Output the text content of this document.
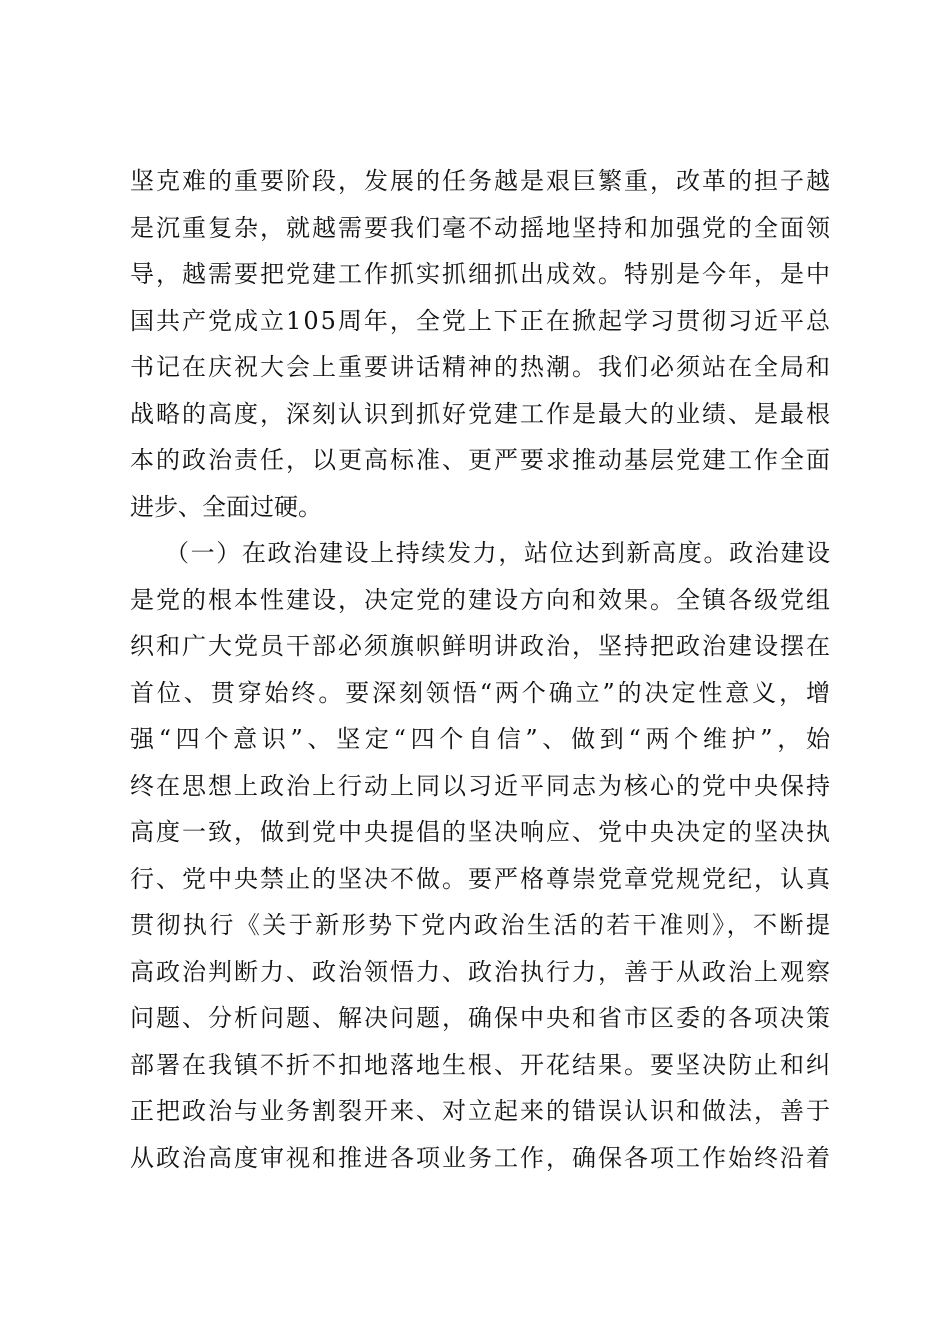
坚克难的重要阶段，发展的任务越是艰巨繁重，改革的担子越
是沉重复杂，就越需要我们毫不动摇地坚持和加强党的全面领
导，越需要把党建工作抓实抓细抓出成效。特别是今年，是中
国共产党成立105周年，全党上下正在掀起学习贯彻习近平总
书记在庆祝大会上重要讲话精神的热潮。我们必须站在全局和
战略的高度，深刻认识到抓好党建工作是最大的业绩、是最根
本的政治责任，以更高标准、更严要求推动基层党建工作全面
进步、全面过硬。

（一）在政治建设上持续发力，站位达到新高度。政治建设
是党的根本性建设，决定党的建设方向和效果。全镇各级党组
织和广大党员干部必须旗帜鲜明讲政治，坚持把政治建设摆在
首位、贯穿始终。要深刻领悟“两个确立”的决定性意义，增
强“四个意识”、坚定“四个自信”、做到“两个维护”，始
终在思想上政治上行动上同以习近平同志为核心的党中央保持
高度一致，做到党中央提倡的坚决响应、党中央决定的坚决执
行、党中央禁止的坚决不做。要严格尊崇党章党规党纪，认真
贯彻执行《关于新形势下党内政治生活的若干准则》，不断提
高政治判断力、政治领悟力、政治执行力，善于从政治上观察
问题、分析问题、解决问题，确保中央和省市区委的各项决策
部署在我镇不折不扣地落地生根、开花结果。要坚决防止和纠
正把政治与业务割裂开来、对立起来的错误认识和做法，善于
从政治高度审视和推进各项业务工作，确保各项工作始终沿着
